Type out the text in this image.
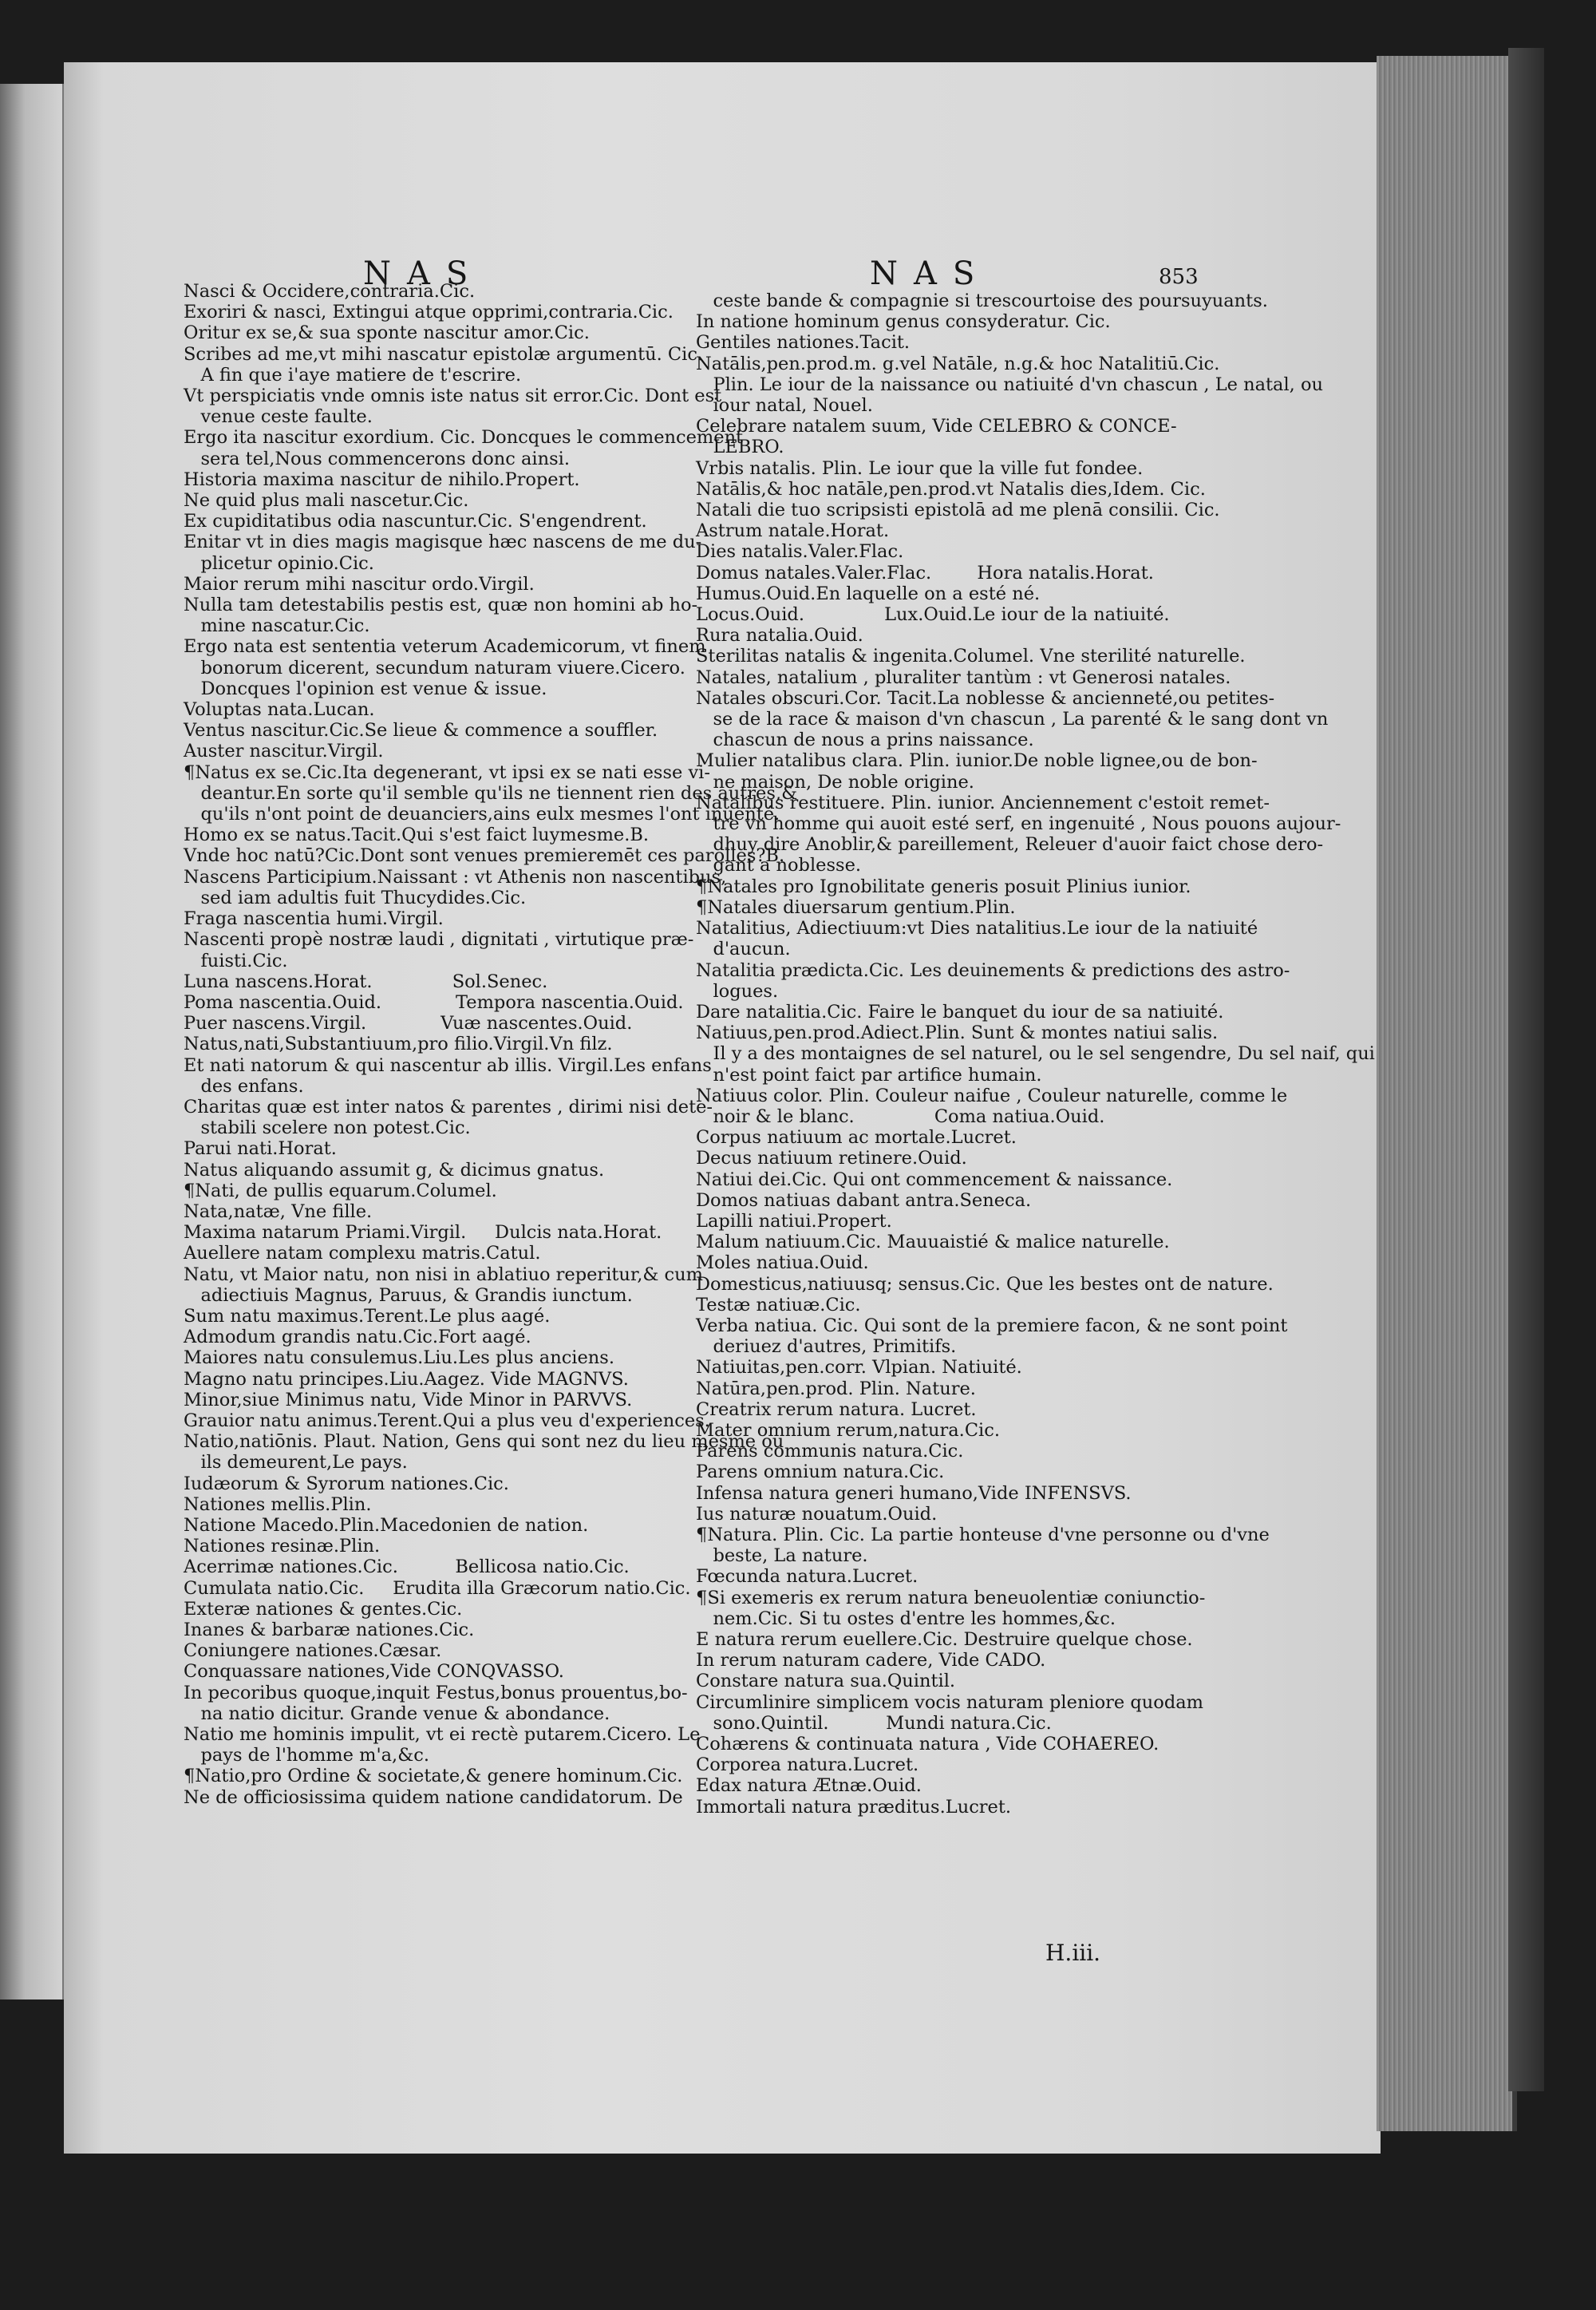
NAS	NAS	853
Nasci & Occidere,contraria.Cic.
Exoriri & nasci, Extingui atque opprimi,contraria.Cic.
Oritur ex se,& sua sponte nascitur amor.Cic.
Scribes ad me,vt mihi nascatur epistolæ argumentū. Cic.
A fin que i'aye matiere de t'escrire.
Vt perspiciatis vnde omnis iste natus sit error.Cic. Dont est
venue ceste faulte.
Ergo ita nascitur exordium. Cic. Doncques le commencement
sera tel,Nous commencerons donc ainsi.
Historia maxima nascitur de nihilo.Propert.
Ne quid plus mali nascetur.Cic.
Ex cupiditatibus odia nascuntur.Cic. S'engendrent.
Enitar vt in dies magis magisque hæc nascens de me du-
plicetur opinio.Cic.
Maior rerum mihi nascitur ordo.Virgil.
Nulla tam detestabilis pestis est, quæ non homini ab ho-
mine nascatur.Cic.
Ergo nata est sententia veterum Academicorum, vt finem
bonorum dicerent, secundum naturam viuere.Cicero.
Doncques l'opinion est venue & issue.
Voluptas nata.Lucan.
Ventus nascitur.Cic.Se lieue & commence a souffler.
Auster nascitur.Virgil.
¶Natus ex se.Cic.Ita degenerant, vt ipsi ex se nati esse vi-
deantur.En sorte qu'il semble qu'ils ne tiennent rien des autres,&
qu'ils n'ont point de deuanciers,ains eulx mesmes l'ont inuenté.
Homo ex se natus.Tacit.Qui s'est faict luymesme.B.
Vnde hoc natū?Cic.Dont sont venues premieremēt ces parolles?B.
Nascens Participium.Naissant : vt Athenis non nascentibus,
sed iam adultis fuit Thucydides.Cic.
Fraga nascentia humi.Virgil.
Nascenti propè nostræ laudi , dignitati , virtutique præ-
fuisti.Cic.
Luna nascens.Horat.              Sol.Senec.
Poma nascentia.Ouid.             Tempora nascentia.Ouid.
Puer nascens.Virgil.             Vuæ nascentes.Ouid.
Natus,nati,Substantiuum,pro filio.Virgil.Vn filz.
Et nati natorum & qui nascentur ab illis. Virgil.Les enfans
des enfans.
Charitas quæ est inter natos & parentes , dirimi nisi dete-
stabili scelere non potest.Cic.
Parui nati.Horat.
Natus aliquando assumit g, & dicimus gnatus.
¶Nati, de pullis equarum.Columel.
Nata,natæ, Vne fille.
Maxima natarum Priami.Virgil.     Dulcis nata.Horat.
Auellere natam complexu matris.Catul.
Natu, vt Maior natu, non nisi in ablatiuo reperitur,& cum
adiectiuis Magnus, Paruus, & Grandis iunctum.
Sum natu maximus.Terent.Le plus aagé.
Admodum grandis natu.Cic.Fort aagé.
Maiores natu consulemus.Liu.Les plus anciens.
Magno natu principes.Liu.Aagez. Vide MAGNVS.
Minor,siue Minimus natu, Vide Minor in PARVVS.
Grauior natu animus.Terent.Qui a plus veu d'experiences.
Natio,natiōnis. Plaut. Nation, Gens qui sont nez du lieu mesme ou
ils demeurent,Le pays.
Iudæorum & Syrorum nationes.Cic.
Nationes mellis.Plin.
Natione Macedo.Plin.Macedonien de nation.
Nationes resinæ.Plin.
Acerrimæ nationes.Cic.          Bellicosa natio.Cic.
Cumulata natio.Cic.     Erudita illa Græcorum natio.Cic.
Exteræ nationes & gentes.Cic.
Inanes & barbaræ nationes.Cic.
Coniungere nationes.Cæsar.
Conquassare nationes,Vide CONQVASSO.
In pecoribus quoque,inquit Festus,bonus prouentus,bo-
na natio dicitur. Grande venue & abondance.
Natio me hominis impulit, vt ei rectè putarem.Cicero. Le
pays de l'homme m'a,&c.
¶Natio,pro Ordine & societate,& genere hominum.Cic.
Ne de officiosissima quidem natione candidatorum. De
ceste bande & compagnie si trescourtoise des poursuyuants.
In natione hominum genus consyderatur. Cic.
Gentiles nationes.Tacit.
Natālis,pen.prod.m. g.vel Natāle, n.g.& hoc Natalitiū.Cic.
Plin. Le iour de la naissance ou natiuité d'vn chascun , Le natal, ou
iour natal, Nouel.
Celebrare natalem suum, Vide CELEBRO & CONCE-
LEBRO.
Vrbis natalis. Plin. Le iour que la ville fut fondee.
Natālis,& hoc natāle,pen.prod.vt Natalis dies,Idem. Cic.
Natali die tuo scripsisti epistolā ad me plenā consilii. Cic.
Astrum natale.Horat.
Dies natalis.Valer.Flac.
Domus natales.Valer.Flac.        Hora natalis.Horat.
Humus.Ouid.En laquelle on a esté né.
Locus.Ouid.              Lux.Ouid.Le iour de la natiuité.
Rura natalia.Ouid.
Sterilitas natalis & ingenita.Columel. Vne sterilité naturelle.
Natales, natalium , pluraliter tantùm : vt Generosi natales.
Natales obscuri.Cor. Tacit.La noblesse & ancienneté,ou petites-
se de la race & maison d'vn chascun , La parenté & le sang dont vn
chascun de nous a prins naissance.
Mulier natalibus clara. Plin. iunior.De noble lignee,ou de bon-
ne maison, De noble origine.
Natalibus restituere. Plin. iunior. Anciennement c'estoit remet-
tre vn homme qui auoit esté serf, en ingenuité , Nous pouons aujour-
dhuy dire Anoblir,& pareillement, Releuer d'auoir faict chose dero-
gant a noblesse.
¶Natales pro Ignobilitate generis posuit Plinius iunior.
¶Natales diuersarum gentium.Plin.
Natalitius, Adiectiuum:vt Dies natalitius.Le iour de la natiuité
d'aucun.
Natalitia prædicta.Cic. Les deuinements & predictions des astro-
logues.
Dare natalitia.Cic. Faire le banquet du iour de sa natiuité.
Natiuus,pen.prod.Adiect.Plin. Sunt & montes natiui salis.
Il y a des montaignes de sel naturel, ou le sel sengendre, Du sel naif, qui
n'est point faict par artifice humain.
Natiuus color. Plin. Couleur naifue , Couleur naturelle, comme le
noir & le blanc.              Coma natiua.Ouid.
Corpus natiuum ac mortale.Lucret.
Decus natiuum retinere.Ouid.
Natiui dei.Cic. Qui ont commencement & naissance.
Domos natiuas dabant antra.Seneca.
Lapilli natiui.Propert.
Malum natiuum.Cic. Mauuaistié & malice naturelle.
Moles natiua.Ouid.
Domesticus,natiuusq; sensus.Cic. Que les bestes ont de nature.
Testæ natiuæ.Cic.
Verba natiua. Cic. Qui sont de la premiere facon, & ne sont point
deriuez d'autres, Primitifs.
Natiuitas,pen.corr. Vlpian. Natiuité.
Natūra,pen.prod. Plin. Nature.
Creatrix rerum natura. Lucret.
Mater omnium rerum,natura.Cic.
Parens communis natura.Cic.
Parens omnium natura.Cic.
Infensa natura generi humano,Vide INFENSVS.
Ius naturæ nouatum.Ouid.
¶Natura. Plin. Cic. La partie honteuse d'vne personne ou d'vne
beste, La nature.
Fœcunda natura.Lucret.
¶Si exemeris ex rerum natura beneuolentiæ coniunctio-
nem.Cic. Si tu ostes d'entre les hommes,&c.
E natura rerum euellere.Cic. Destruire quelque chose.
In rerum naturam cadere, Vide CADO.
Constare natura sua.Quintil.
Circumlinire simplicem vocis naturam pleniore quodam
sono.Quintil.          Mundi natura.Cic.
Cohærens & continuata natura , Vide COHAEREO.
Corporea natura.Lucret.
Edax natura Ætnæ.Ouid.
Immortali natura præditus.Lucret.
H.iii.
